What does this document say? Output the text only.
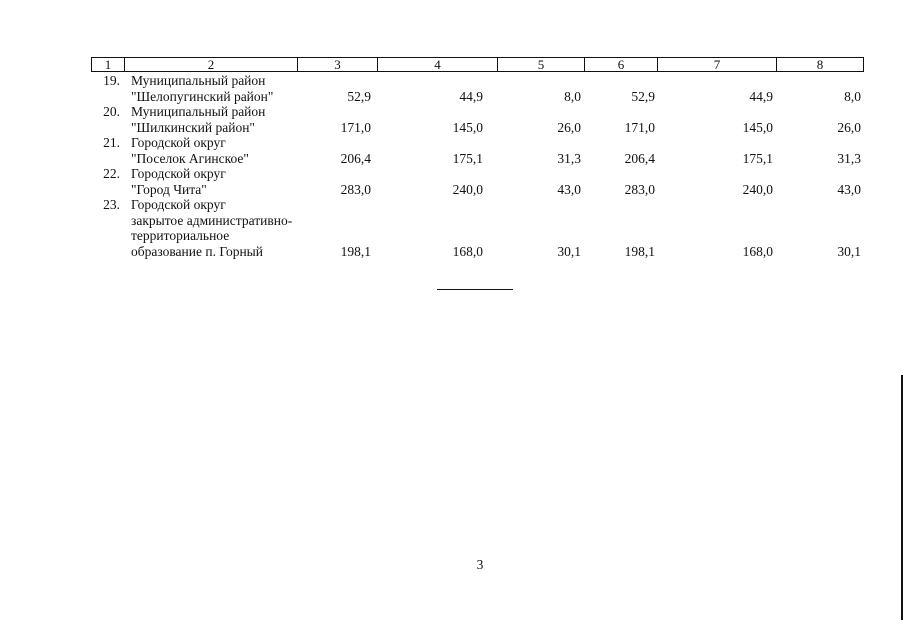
1	2	3	4	5	6	7	8
19. Муниципальный район
"Шелопугинский район"	52,9	44,9	8,0	52,9	44,9	8,0
20. Муниципальный район
"Шилкинский район"	171,0	145,0	26,0	171,0	145,0	26,0
21. Городской округ
"Поселок Агинское"	206,4	175,1	31,3	206,4	175,1	31,3
22. Городской округ
"Город Чита"	283,0	240,0	43,0	283,0	240,0	43,0
23. Городской округ
закрытое административно-
территориальное
образование п. Горный	198,1	168,0	30,1	198,1	168,0	30,1
3
